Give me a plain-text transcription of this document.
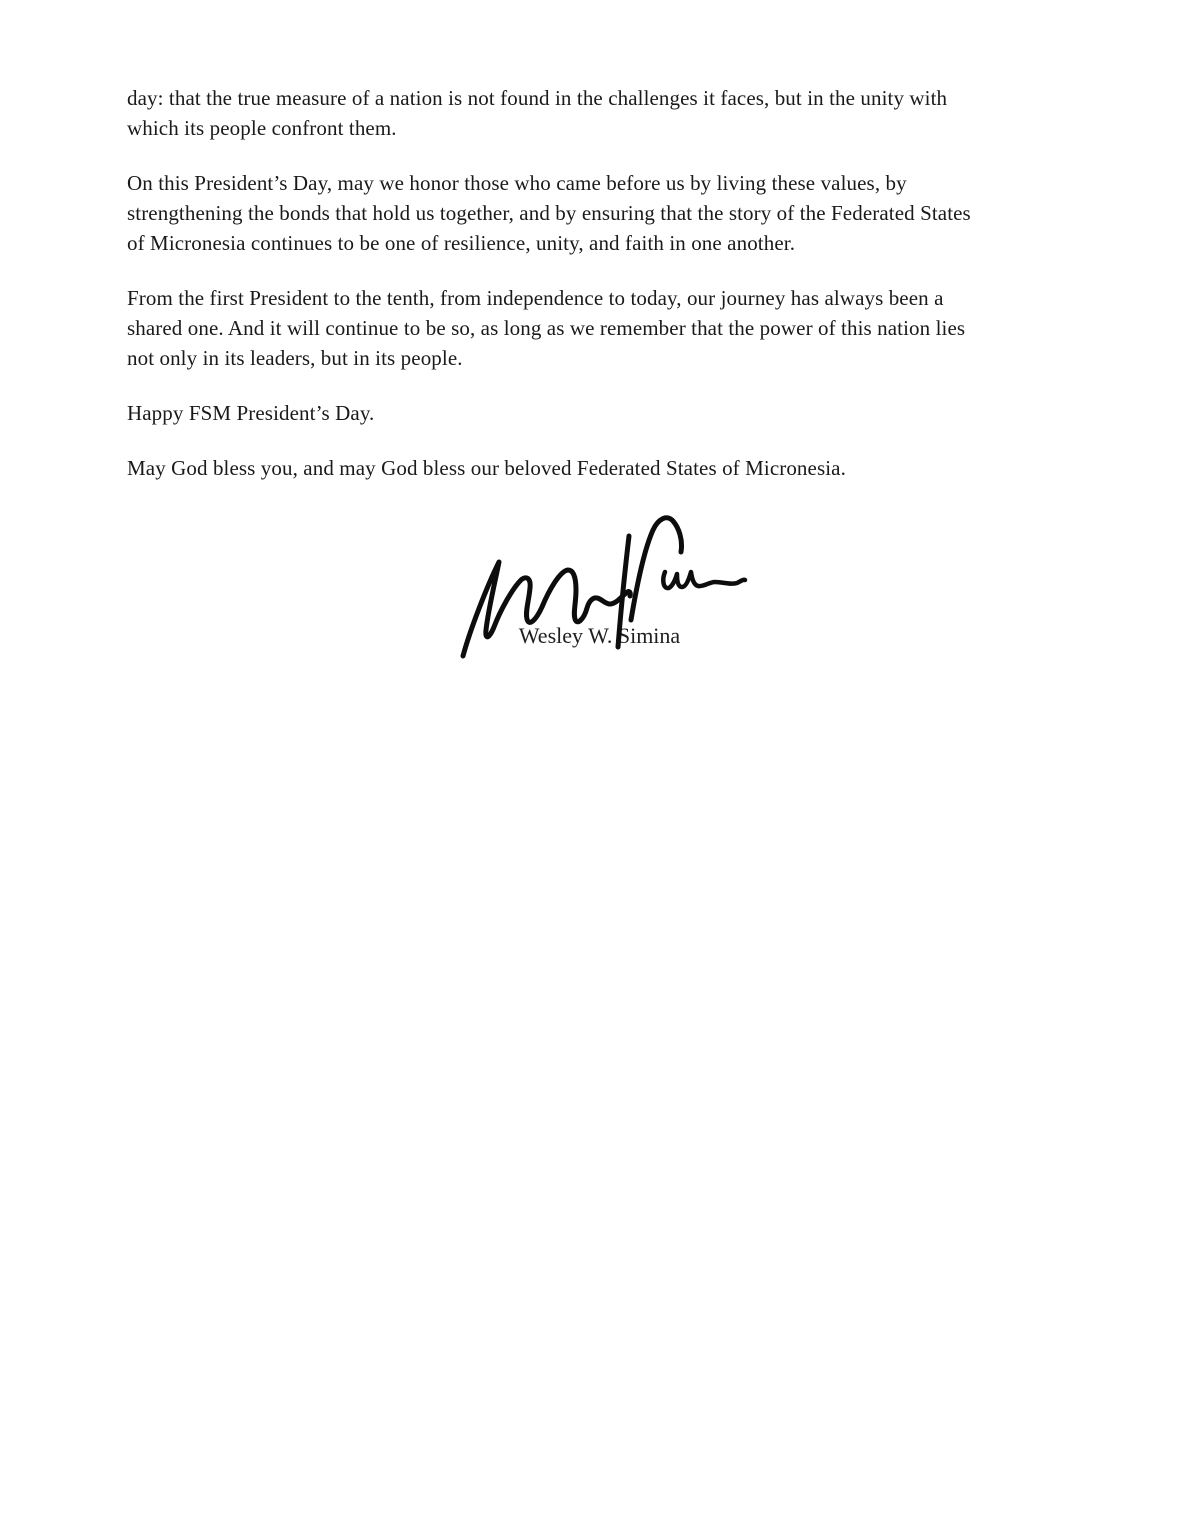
day: that the true measure of a nation is not found in the challenges it faces, but in the unity with
which its people confront them.

On this President’s Day, may we honor those who came before us by living these values, by
strengthening the bonds that hold us together, and by ensuring that the story of the Federated States
of Micronesia continues to be one of resilience, unity, and faith in one another.

From the first President to the tenth, from independence to today, our journey has always been a
shared one. And it will continue to be so, as long as we remember that the power of this nation lies
not only in its leaders, but in its people.

Happy FSM President’s Day.

May God bless you, and may God bless our beloved Federated States of Micronesia.

Wesley W. Simina
